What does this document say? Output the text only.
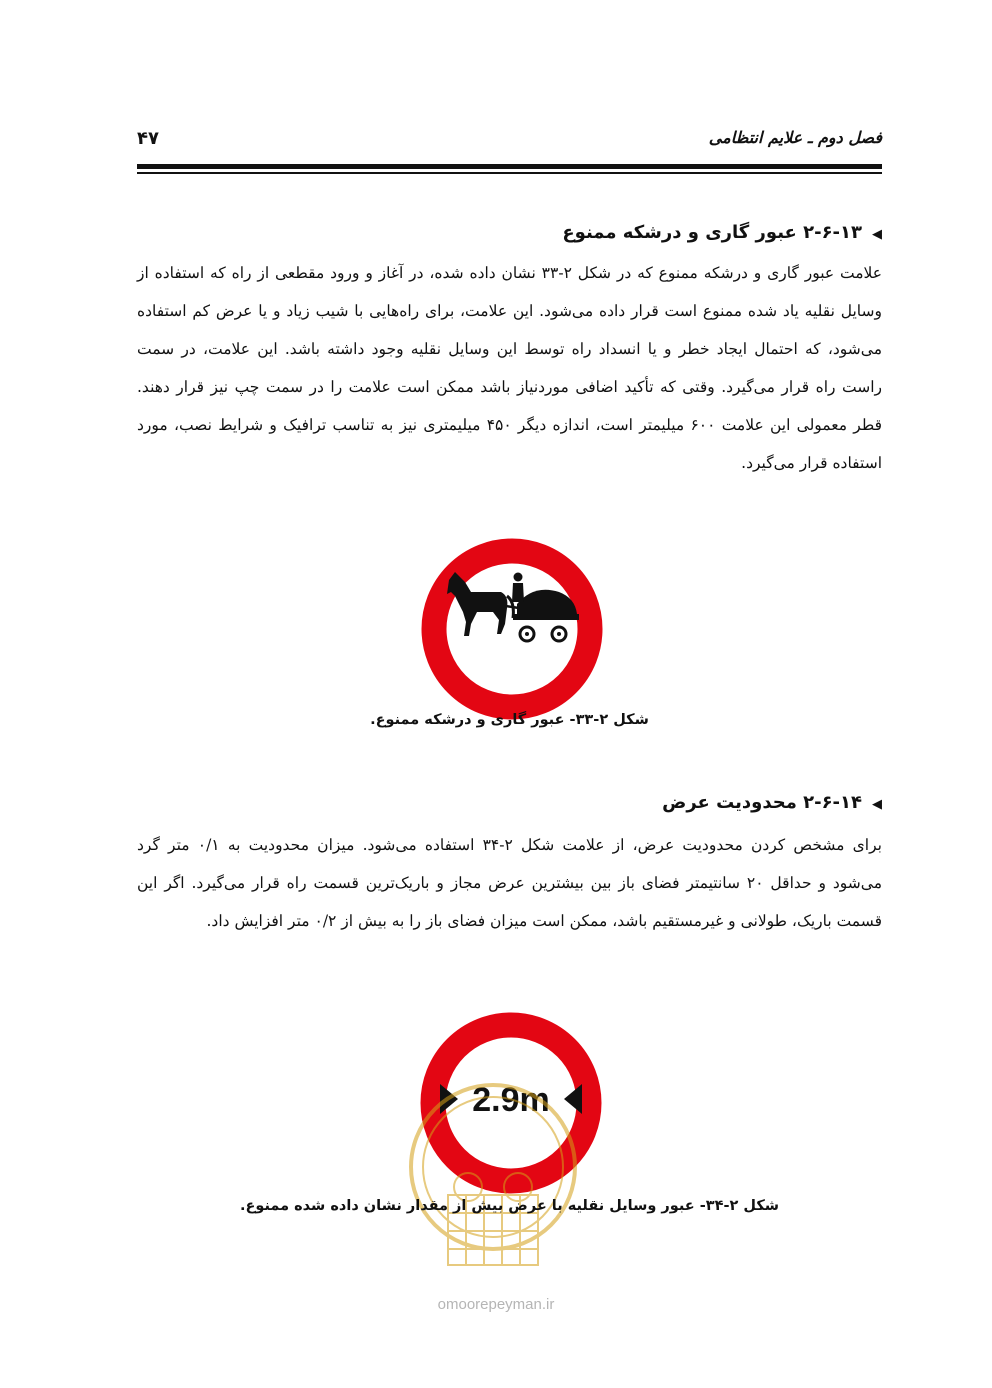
فصل دوم ـ علایم انتظامی
۴۷
◀۲-۶-۱۳ عبور گاری و درشکه ممنوع
علامت عبور گاری و درشکه ممنوع که در شکل ۲-۳۳ نشان داده شده، در آغاز و ورود مقطعی از راه که استفاده از وسایل نقلیه یاد شده ممنوع است قرار داده می‌شود. این علامت، برای راه‌هایی با شیب زیاد و یا عرض کم استفاده می‌شود، که احتمال ایجاد خطر و یا انسداد راه توسط این وسایل نقلیه وجود داشته باشد. این علامت، در سمت راست راه قرار می‌گیرد. وقتی که تأکید اضافی موردنیاز باشد ممکن است علامت را در سمت چپ نیز قرار دهند. قطر معمولی این علامت ۶۰۰ میلیمتر است، اندازه دیگر ۴۵۰ میلیمتری نیز به تناسب ترافیک و شرایط نصب، مورد استفاده قرار می‌گیرد.
شکل ۲-۳۳- عبور گاری و درشکه ممنوع.
◀۲-۶-۱۴ محدودیت عرض
برای مشخص کردن محدودیت عرض، از علامت شکل ۲-۳۴ استفاده می‌شود. میزان محدودیت به ۰/۱ متر گرد می‌شود و حداقل ۲۰ سانتیمتر فضای باز بین بیشترین عرض مجاز و باریک‌ترین قسمت راه قرار می‌گیرد. اگر این قسمت باریک، طولانی و غیرمستقیم باشد، ممکن است میزان فضای باز را به بیش از ۰/۲ متر افزایش داد.
2.9m
شکل ۲-۳۴- عبور وسایل نقلیه با عرض بیش از مقدار نشان داده شده ممنوع.
omoorepeyman.ir
